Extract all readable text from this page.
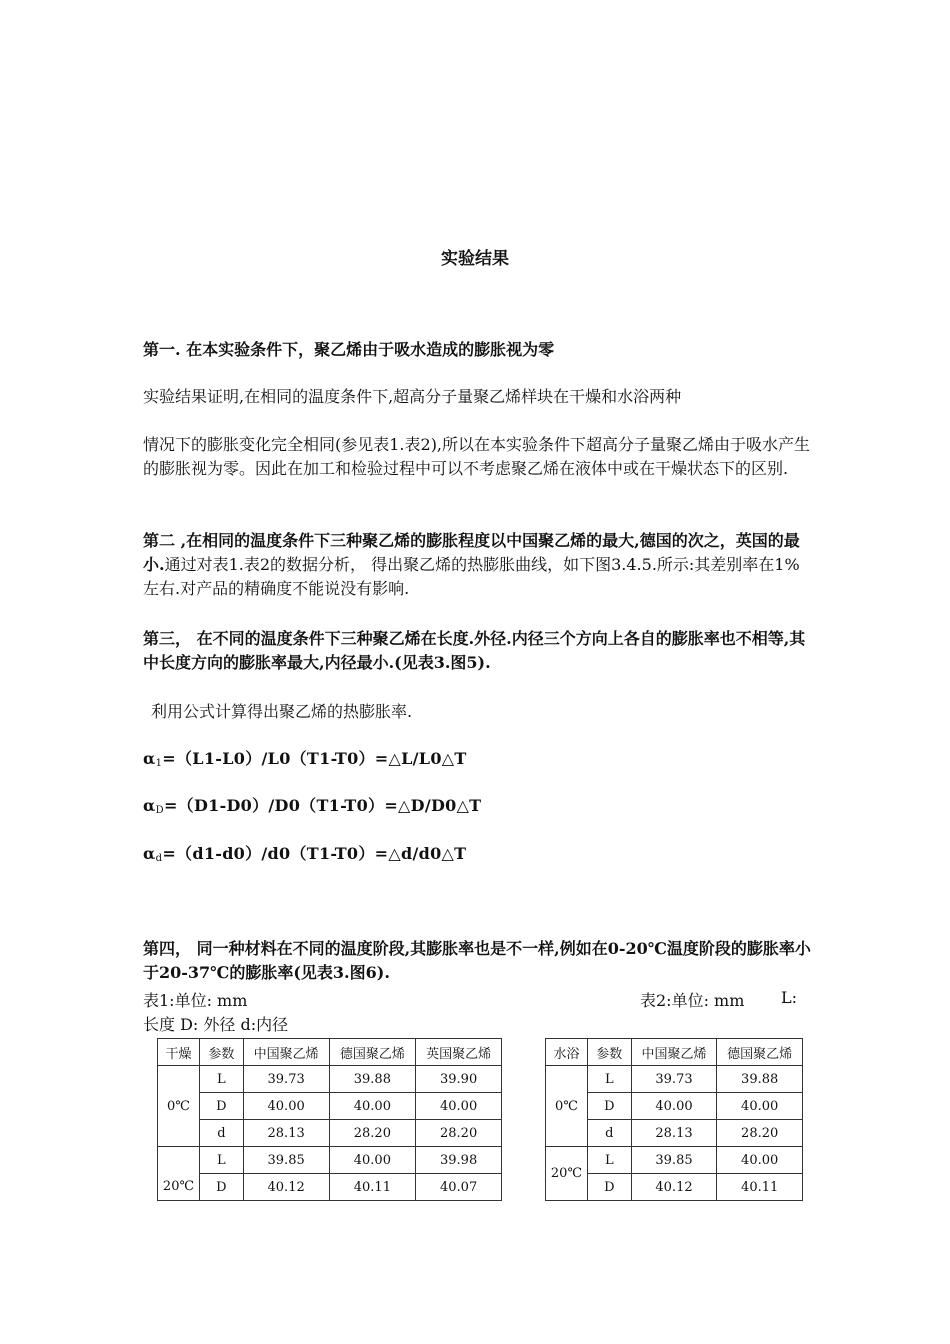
实验结果
第一. 在本实验条件下，聚乙烯由于吸水造成的膨胀视为零
实验结果证明,在相同的温度条件下,超高分子量聚乙烯样块在干燥和水浴两种
情况下的膨胀变化完全相同(参见表1.表2),所以在本实验条件下超高分子量聚乙烯由于吸水产生的膨胀视为零。因此在加工和检验过程中可以不考虑聚乙烯在液体中或在干燥状态下的区别.
第二 ,在相同的温度条件下三种聚乙烯的膨胀程度以中国聚乙烯的最大,德国的次之，英国的最小.通过对表1.表2的数据分析， 得出聚乙烯的热膨胀曲线，如下图3.4.5.所示:其差别率在1%左右.对产品的精确度不能说没有影响.
第三， 在不同的温度条件下三种聚乙烯在长度.外径.内径三个方向上各自的膨胀率也不相等,其中长度方向的膨胀率最大,内径最小.(见表3.图5).
利用公式计算得出聚乙烯的热膨胀率.
$\alpha_1=(L1-L0)/L0(T1-T0)=\triangle L/L0\triangle T$
$\alpha_D=(D1-D0)/D0(T1-T0)=\triangle D/D0\triangle T$
$\alpha_d=(d1-d0)/d0(T1-T0)=\triangle d/d0\triangle T$
第四， 同一种材料在不同的温度阶段,其膨胀率也是不一样,例如在0-20℃温度阶段的膨胀率小于20-37℃的膨胀率(见表3.图6).
表1:单位: mm	表2:单位: mm L:
长度 D: 外径 d:内径
干燥	参数	中国聚乙烯	德国聚乙烯	英国聚乙烯
0℃	L	39.73	39.88	39.90
	D	40.00	40.00	40.00
	d	28.13	28.20	28.20
	L	39.85	40.00	39.98
20℃	D	40.12	40.11	40.07
水浴	参数	中国聚乙烯	德国聚乙烯
0℃	L	39.73	39.88
	D	40.00	40.00
	d	28.13	28.20
20℃	L	39.85	40.00
	D	40.12	40.11
